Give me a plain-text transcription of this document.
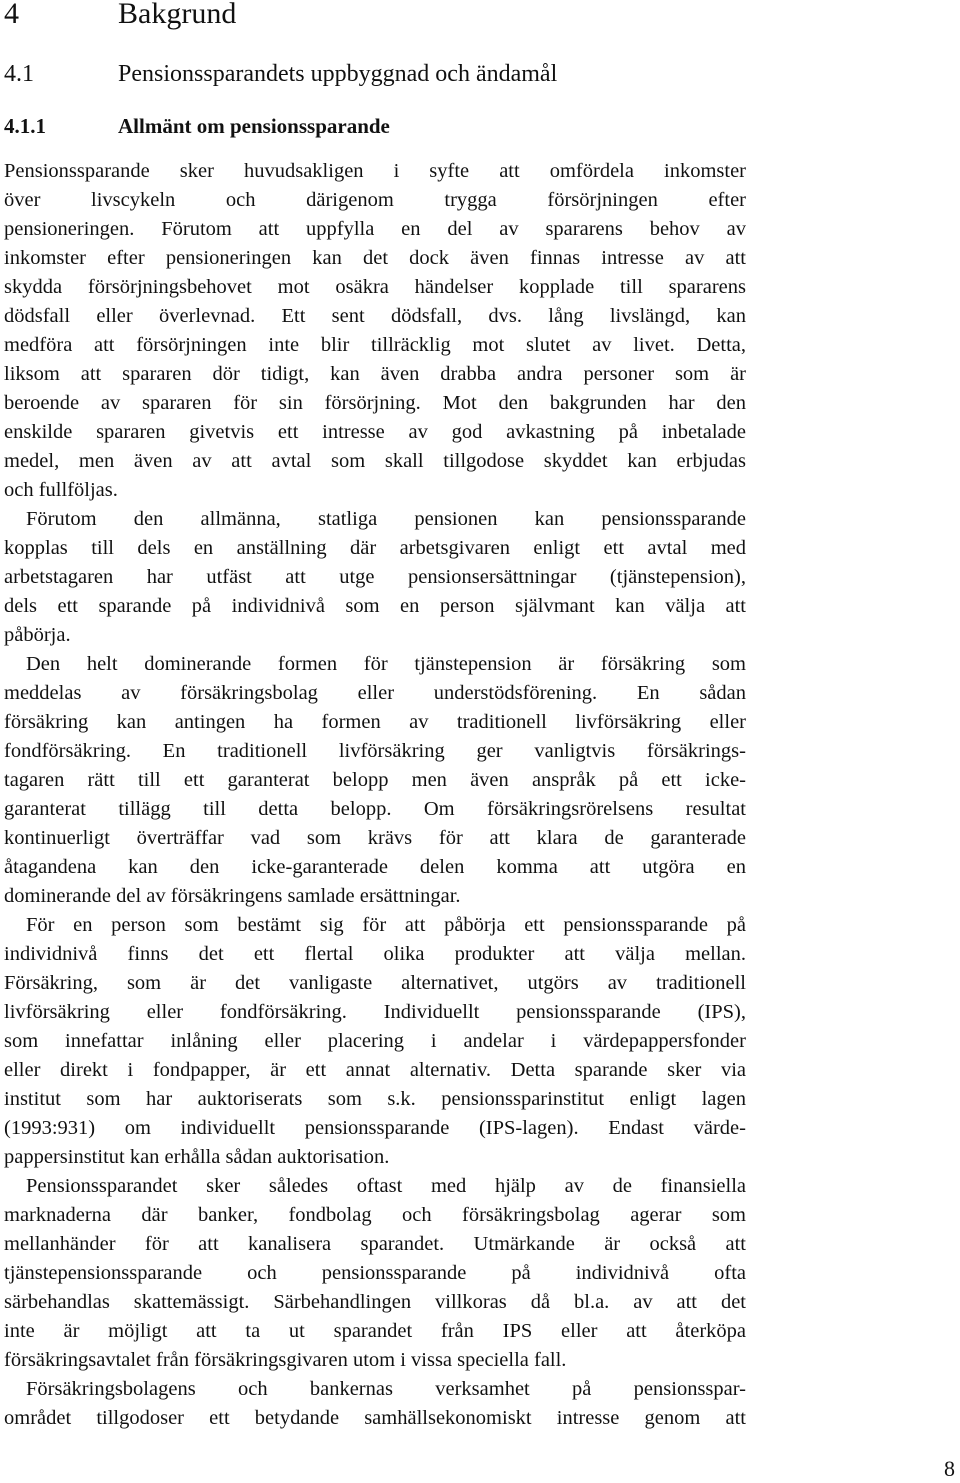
4	Bakgrund
4.1	Pensionssparandets uppbyggnad och ändamål
4.1.1	Allmänt om pensionssparande
Pensionssparande sker huvudsakligen i syfte att omfördela inkomster
över livscykeln och därigenom trygga försörjningen efter
pensioneringen. Förutom att uppfylla en del av spararens behov av
inkomster efter pensioneringen kan det dock även finnas intresse av att
skydda försörjningsbehovet mot osäkra händelser kopplade till spararens
dödsfall eller överlevnad. Ett sent dödsfall, dvs. lång livslängd, kan
medföra att försörjningen inte blir tillräcklig mot slutet av livet. Detta,
liksom att spararen dör tidigt, kan även drabba andra personer som är
beroende av spararen för sin försörjning. Mot den bakgrunden har den
enskilde spararen givetvis ett intresse av god avkastning på inbetalade
medel, men även av att avtal som skall tillgodose skyddet kan erbjudas
och fullföljas.
Förutom den allmänna, statliga pensionen kan pensionssparande
kopplas till dels en anställning där arbetsgivaren enligt ett avtal med
arbetstagaren har utfäst att utge pensionsersättningar (tjänstepension),
dels ett sparande på individnivå som en person självmant kan välja att
påbörja.
Den helt dominerande formen för tjänstepension är försäkring som
meddelas av försäkringsbolag eller understödsförening. En sådan
försäkring kan antingen ha formen av traditionell livförsäkring eller
fondförsäkring. En traditionell livförsäkring ger vanligtvis försäkrings-
tagaren rätt till ett garanterat belopp men även anspråk på ett icke-
garanterat tillägg till detta belopp. Om försäkringsrörelsens resultat
kontinuerligt överträffar vad som krävs för att klara de garanterade
åtagandena kan den icke-garanterade delen komma att utgöra en
dominerande del av försäkringens samlade ersättningar.
För en person som bestämt sig för att påbörja ett pensionssparande på
individnivå finns det ett flertal olika produkter att välja mellan.
Försäkring, som är det vanligaste alternativet, utgörs av traditionell
livförsäkring eller fondförsäkring. Individuellt pensionssparande (IPS),
som innefattar inlåning eller placering i andelar i värdepappersfonder
eller direkt i fondpapper, är ett annat alternativ. Detta sparande sker via
institut som har auktoriserats som s.k. pensionssparinstitut enligt lagen
(1993:931) om individuellt pensionssparande (IPS-lagen). Endast värde-
pappersinstitut kan erhålla sådan auktorisation.
Pensionssparandet sker således oftast med hjälp av de finansiella
marknaderna där banker, fondbolag och försäkringsbolag agerar som
mellanhänder för att kanalisera sparandet. Utmärkande är också att
tjänstepensionssparande och pensionssparande på individnivå ofta
särbehandlas skattemässigt. Särbehandlingen villkoras då bl.a. av att det
inte är möjligt att ta ut sparandet från IPS eller att återköpa
försäkringsavtalet från försäkringsgivaren utom i vissa speciella fall.
Försäkringsbolagens och bankernas verksamhet på pensionsspar-
området tillgodoser ett betydande samhällsekonomiskt intresse genom att
8
